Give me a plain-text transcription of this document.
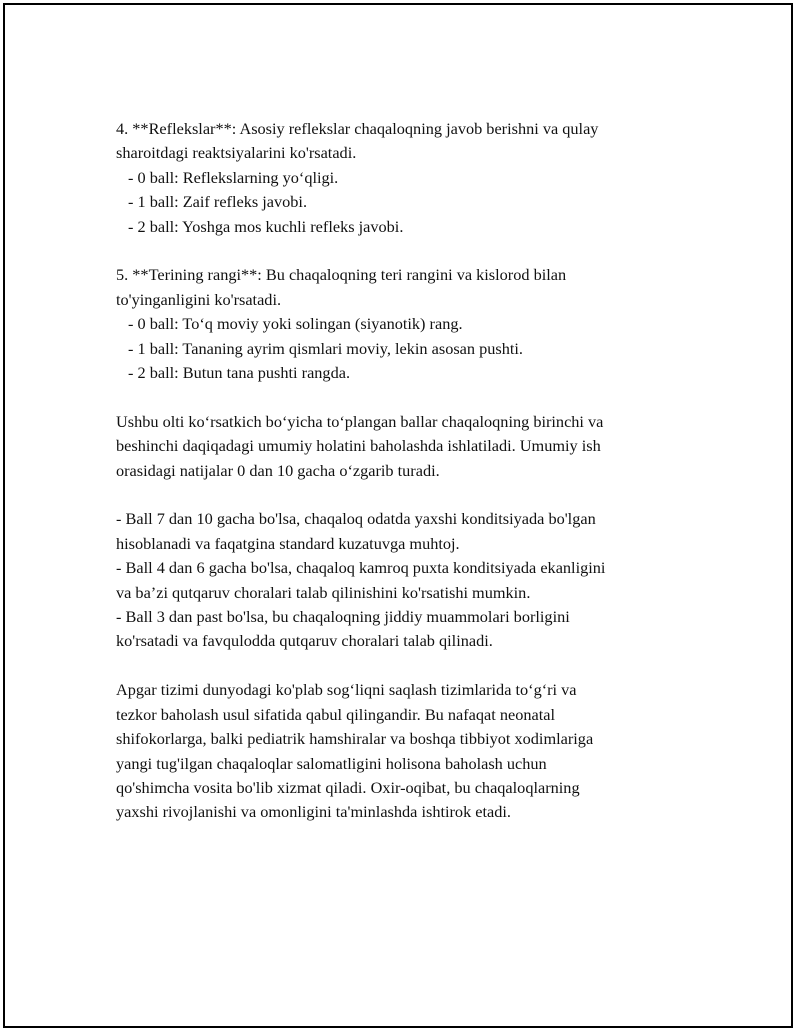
4. **Reflekslar**: Asosiy reflekslar chaqaloqning javob berishni va qulay
sharoitdagi reaktsiyalarini ko'rsatadi.
- 0 ball: Reflekslarning yo‘qligi.
- 1 ball: Zaif refleks javobi.
- 2 ball: Yoshga mos kuchli refleks javobi.
5. **Terining rangi**: Bu chaqaloqning teri rangini va kislorod bilan
to'yinganligini ko'rsatadi.
- 0 ball: To‘q moviy yoki solingan (siyanotik) rang.
- 1 ball: Tananing ayrim qismlari moviy, lekin asosan pushti.
- 2 ball: Butun tana pushti rangda.
Ushbu olti ko‘rsatkich bo‘yicha to‘plangan ballar chaqaloqning birinchi va
beshinchi daqiqadagi umumiy holatini baholashda ishlatiladi. Umumiy ish
orasidagi natijalar 0 dan 10 gacha o‘zgarib turadi.
- Ball 7 dan 10 gacha bo'lsa, chaqaloq odatda yaxshi konditsiyada bo'lgan
hisoblanadi va faqatgina standard kuzatuvga muhtoj.
- Ball 4 dan 6 gacha bo'lsa, chaqaloq kamroq puxta konditsiyada ekanligini
va ba’zi qutqaruv choralari talab qilinishini ko'rsatishi mumkin.
- Ball 3 dan past bo'lsa, bu chaqaloqning jiddiy muammolari borligini
ko'rsatadi va favqulodda qutqaruv choralari talab qilinadi.
Apgar tizimi dunyodagi ko'plab sog‘liqni saqlash tizimlarida to‘g‘ri va
tezkor baholash usul sifatida qabul qilingandir. Bu nafaqat neonatal
shifokorlarga, balki pediatrik hamshiralar va boshqa tibbiyot xodimlariga
yangi tug'ilgan chaqaloqlar salomatligini holisona baholash uchun
qo'shimcha vosita bo'lib xizmat qiladi. Oxir-oqibat, bu chaqaloqlarning
yaxshi rivojlanishi va omonligini ta'minlashda ishtirok etadi.
